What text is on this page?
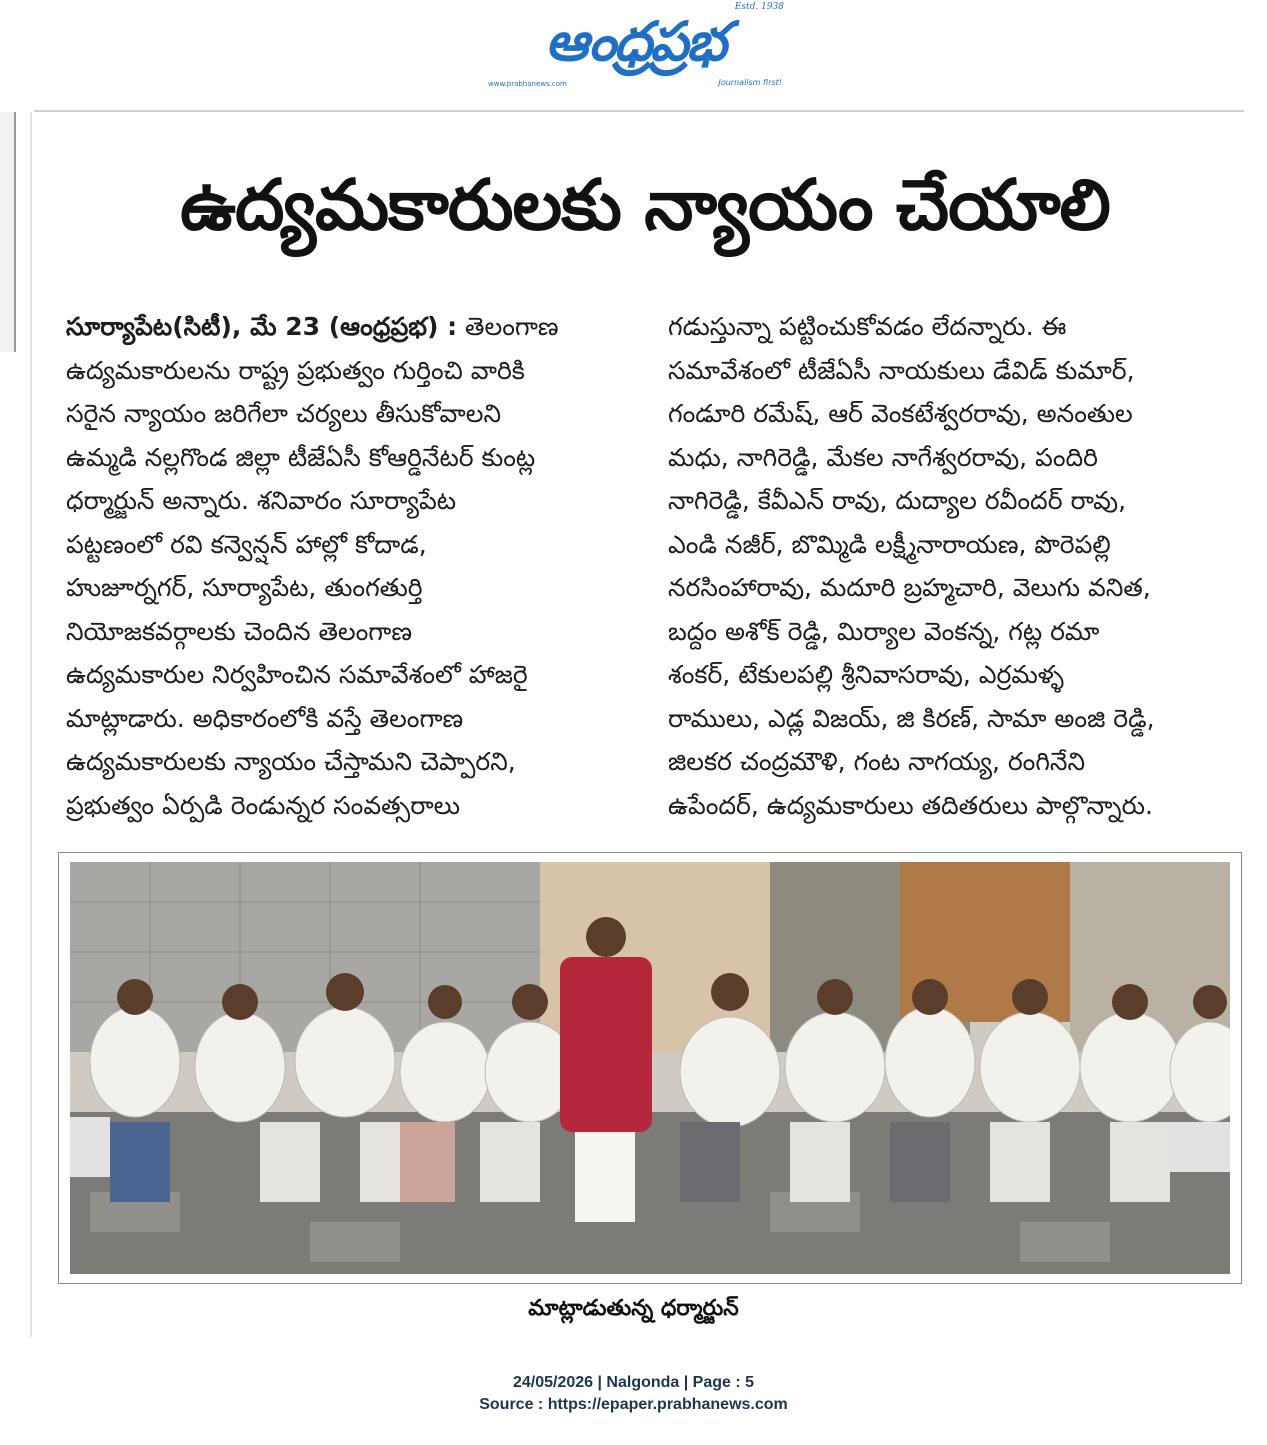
ఆంధ్రప్రభ
Estd. 1938
www.prabhanews.com	Journalism first!
ఉద్యమకారులకు న్యాయం చేయాలి
సూర్యాపేట(సిటీ), మే 23 (ఆంధ్రప్రభ) : తెలంగాణ
ఉద్యమకారులను రాష్ట్ర ప్రభుత్వం గుర్తించి వారికి
సరైన న్యాయం జరిగేలా చర్యలు తీసుకోవాలని
ఉమ్మడి నల్లగొండ జిల్లా టీజేఏసీ కోఆర్డినేటర్ కుంట్ల
ధర్మార్జున్ అన్నారు. శనివారం సూర్యాపేట
పట్టణంలో రవి కన్వెన్షన్ హాల్లో కోదాడ,
హుజూర్నగర్, సూర్యాపేట, తుంగతుర్తి
నియోజకవర్గాలకు చెందిన తెలంగాణ
ఉద్యమకారుల నిర్వహించిన సమావేశంలో హాజరై
మాట్లాడారు. అధికారంలోకి వస్తే తెలంగాణ
ఉద్యమకారులకు న్యాయం చేస్తామని చెప్పారని,
ప్రభుత్వం ఏర్పడి రెండున్నర సంవత్సరాలు
గడుస్తున్నా పట్టించుకోవడం లేదన్నారు. ఈ
సమావేశంలో టీజేఏసీ నాయకులు డేవిడ్ కుమార్,
గండూరి రమేష్, ఆర్ వెంకటేశ్వరరావు, అనంతుల
మధు, నాగిరెడ్డి, మేకల నాగేశ్వరరావు, పందిరి
నాగిరెడ్డి, కేవీఎన్ రావు, దుద్యాల రవీందర్ రావు,
ఎండి నజీర్, బొమ్మిడి లక్ష్మీనారాయణ, పొరెపల్లి
నరసింహారావు, మదూరి బ్రహ్మచారి, వెలుగు వనిత,
బద్దం అశోక్ రెడ్డి, మిర్యాల వెంకన్న, గట్ల రమా
శంకర్, టేకులపల్లి శ్రీనివాసరావు, ఎర్రమళ్ళ
రాములు, ఎడ్ల విజయ్, జి కిరణ్, సామా అంజి రెడ్డి,
జిలకర చంద్రమౌళి, గంట నాగయ్య, రంగినేని
ఉపేందర్, ఉద్యమకారులు తదితరులు పాల్గొన్నారు.
మాట్లాడుతున్న ధర్మార్జున్
24/05/2026 | Nalgonda | Page : 5
Source : https://epaper.prabhanews.com
